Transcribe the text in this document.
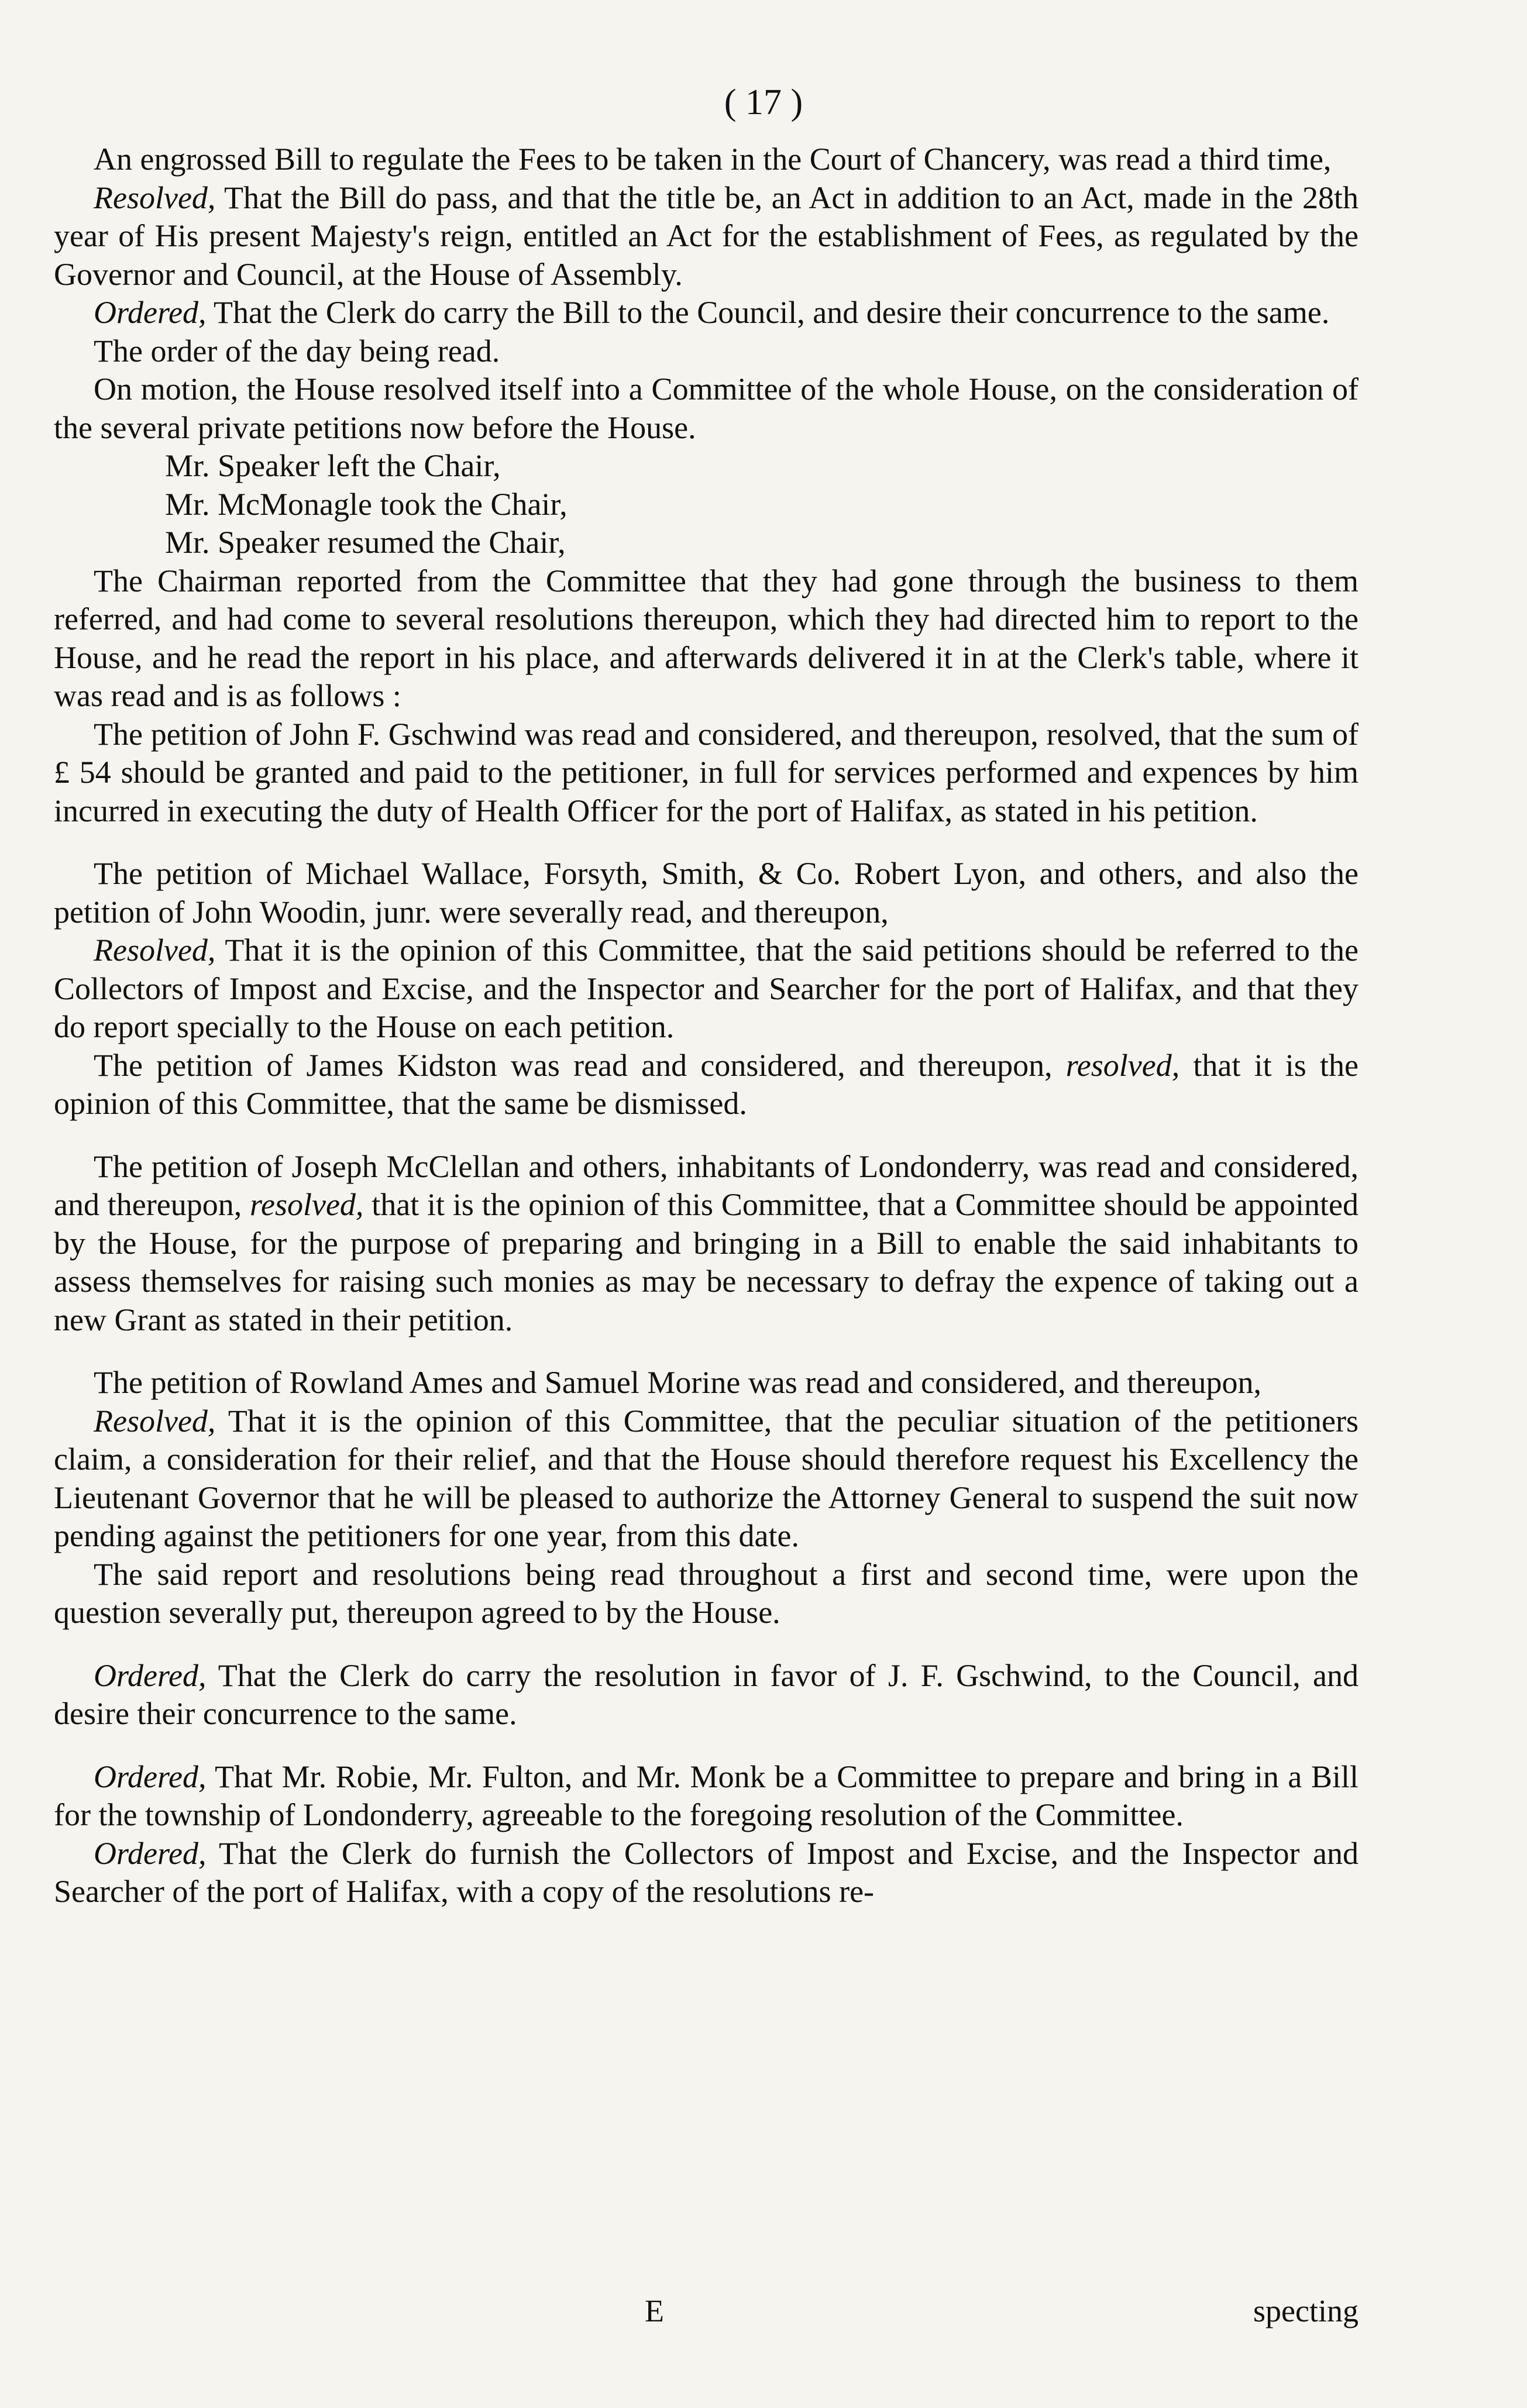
( 17 )

An engrossed Bill to regulate the Fees to be taken in the Court of Chancery, was read a third time,

Resolved, That the Bill do pass, and that the title be, an Act in addition to an Act, made in the 28th year of His present Majesty's reign, entitled an Act for the establishment of Fees, as regulated by the Governor and Council, at the House of Assembly.

Ordered, That the Clerk do carry the Bill to the Council, and desire their concurrence to the same.

The order of the day being read.

On motion, the House resolved itself into a Committee of the whole House, on the consideration of the several private petitions now before the House.

Mr. Speaker left the Chair,

Mr. McMonagle took the Chair,

Mr. Speaker resumed the Chair,

The Chairman reported from the Committee that they had gone through the business to them referred, and had come to several resolutions thereupon, which they had directed him to report to the House, and he read the report in his place, and afterwards delivered it in at the Clerk's table, where it was read and is as follows :

The petition of John F. Gschwind was read and considered, and thereupon, resolved, that the sum of £ 54 should be granted and paid to the petitioner, in full for services performed and expences by him incurred in executing the duty of Health Officer for the port of Halifax, as stated in his petition.

The petition of Michael Wallace, Forsyth, Smith, & Co. Robert Lyon, and others, and also the petition of John Woodin, junr. were severally read, and thereupon,

Resolved, That it is the opinion of this Committee, that the said petitions should be referred to the Collectors of Impost and Excise, and the Inspector and Searcher for the port of Halifax, and that they do report specially to the House on each petition.

The petition of James Kidston was read and considered, and thereupon, resolved, that it is the opinion of this Committee, that the same be dismissed.

The petition of Joseph McClellan and others, inhabitants of Londonderry, was read and considered, and thereupon, resolved, that it is the opinion of this Committee, that a Committee should be appointed by the House, for the purpose of preparing and bringing in a Bill to enable the said inhabitants to assess themselves for raising such monies as may be necessary to defray the expence of taking out a new Grant as stated in their petition.

The petition of Rowland Ames and Samuel Morine was read and considered, and thereupon,

Resolved, That it is the opinion of this Committee, that the peculiar situation of the petitioners claim, a consideration for their relief, and that the House should therefore request his Excellency the Lieutenant Governor that he will be pleased to authorize the Attorney General to suspend the suit now pending against the petitioners for one year, from this date.

The said report and resolutions being read throughout a first and second time, were upon the question severally put, thereupon agreed to by the House.

Ordered, That the Clerk do carry the resolution in favor of J. F. Gschwind, to the Council, and desire their concurrence to the same.

Ordered, That Mr. Robie, Mr. Fulton, and Mr. Monk be a Committee to prepare and bring in a Bill for the township of Londonderry, agreeable to the foregoing resolution of the Committee.

Ordered, That the Clerk do furnish the Collectors of Impost and Excise, and the Inspector and Searcher of the port of Halifax, with a copy of the resolutions re-

E	specting
